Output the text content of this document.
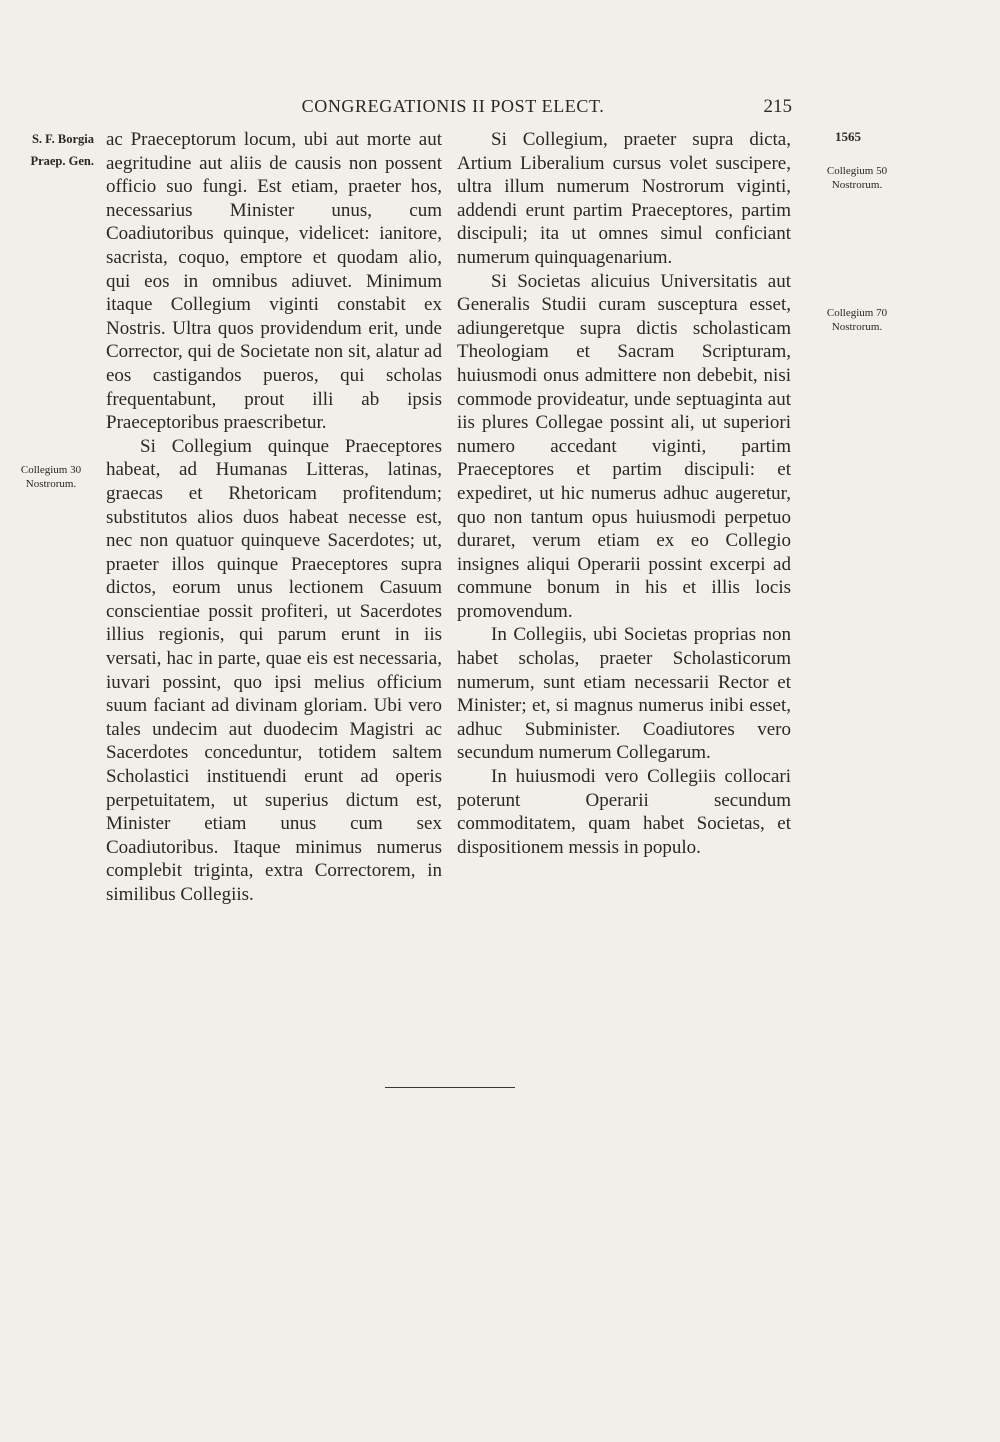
CONGREGATIONIS II POST ELECT.	215
S. F. Borgia
Praep. Gen.
Collegium 30
Nostrorum.
1565
Collegium 50
Nostrorum.
Collegium 70
Nostrorum.

ac Praeceptorum locum, ubi aut morte aut aegritudine aut aliis de causis non possent officio suo fungi. Est etiam, praeter hos, necessarius Minister unus, cum Coadiutoribus quinque, videlicet: ianitore, sacrista, coquo, emptore et quodam alio, qui eos in omnibus adiuvet. Minimum itaque Collegium viginti constabit ex Nostris. Ultra quos providendum erit, unde Corrector, qui de Societate non sit, alatur ad eos castigandos pueros, qui scholas frequentabunt, prout illi ab ipsis Praeceptoribus praescribetur.

Si Collegium quinque Praeceptores habeat, ad Humanas Litteras, latinas, graecas et Rhetoricam profitendum; substitutos alios duos habeat necesse est, nec non quatuor quinqueve Sacerdotes; ut, praeter illos quinque Praeceptores supra dictos, eorum unus lectionem Casuum conscientiae possit profiteri, ut Sacerdotes illius regionis, qui parum erunt in iis versati, hac in parte, quae eis est necessaria, iuvari possint, quo ipsi melius officium suum faciant ad divinam gloriam. Ubi vero tales undecim aut duodecim Magistri ac Sacerdotes conceduntur, totidem saltem Scholastici instituendi erunt ad operis perpetuitatem, ut superius dictum est, Minister etiam unus cum sex Coadiutoribus. Itaque minimus numerus complebit triginta, extra Correctorem, in similibus Collegiis.

Si Collegium, praeter supra dicta, Artium Liberalium cursus volet suscipere, ultra illum numerum Nostrorum viginti, addendi erunt partim Praeceptores, partim discipuli; ita ut omnes simul conficiant numerum quinquagenarium.

Si Societas alicuius Universitatis aut Generalis Studii curam susceptura esset, adiungeretque supra dictis scholasticam Theologiam et Sacram Scripturam, huiusmodi onus admittere non debebit, nisi commode provideatur, unde septuaginta aut iis plures Collegae possint ali, ut superiori numero accedant viginti, partim Praeceptores et partim discipuli: et expediret, ut hic numerus adhuc augeretur, quo non tantum opus huiusmodi perpetuo duraret, verum etiam ex eo Collegio insignes aliqui Operarii possint excerpi ad commune bonum in his et illis locis promovendum.

In Collegiis, ubi Societas proprias non habet scholas, praeter Scholasticorum numerum, sunt etiam necessarii Rector et Minister; et, si magnus numerus inibi esset, adhuc Subminister. Coadiutores vero secundum numerum Collegarum.

In huiusmodi vero Collegiis collocari poterunt Operarii secundum commoditatem, quam habet Societas, et dispositionem messis in populo.
